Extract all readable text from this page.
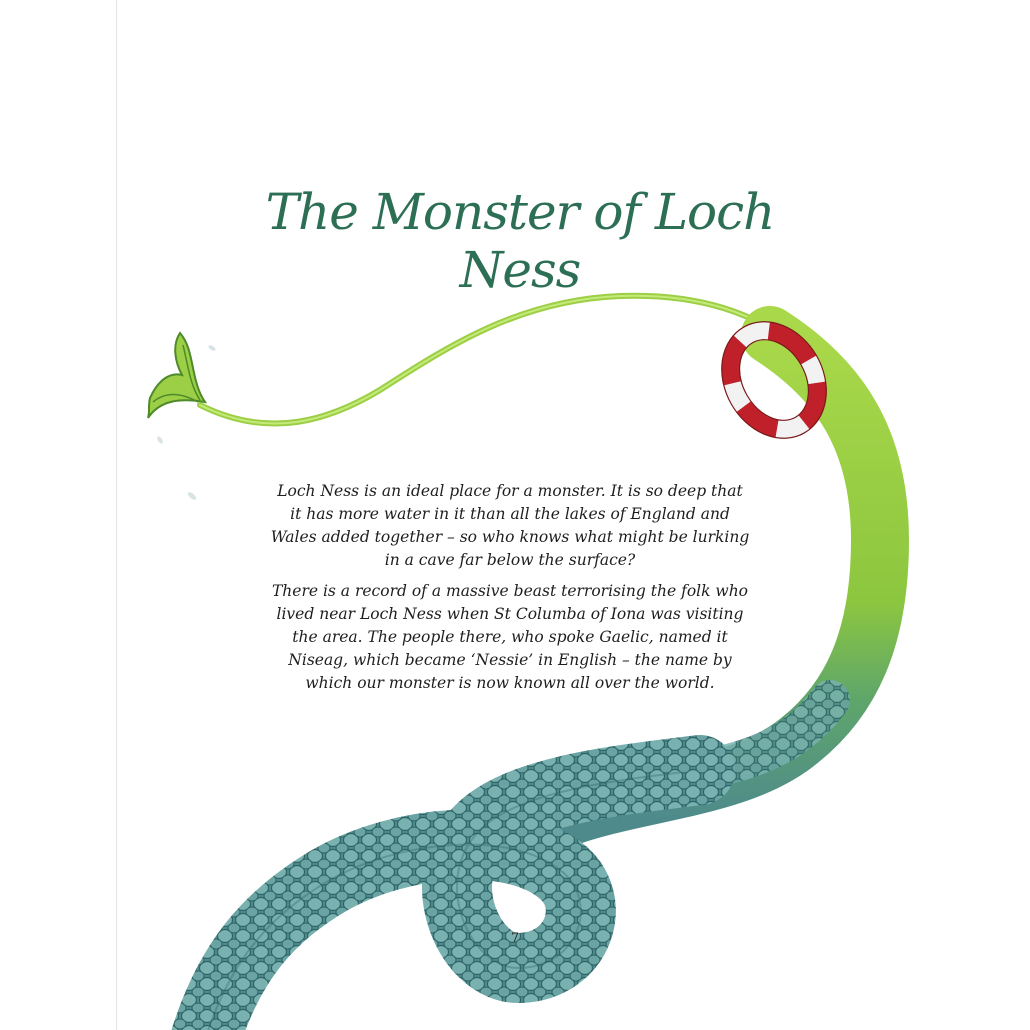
The Monster of Loch Ness

Loch Ness is an ideal place for a monster. It is so deep that it has more water in it than all the lakes of England and Wales added together – so who knows what might be lurking in a cave far below the surface?

There is a record of a massive beast terrorising the folk who lived near Loch Ness when St Columba of Iona was visiting the area. The people there, who spoke Gaelic, named it Niseag, which became ‘Nessie’ in English – the name by which our monster is now known all over the world.

7
